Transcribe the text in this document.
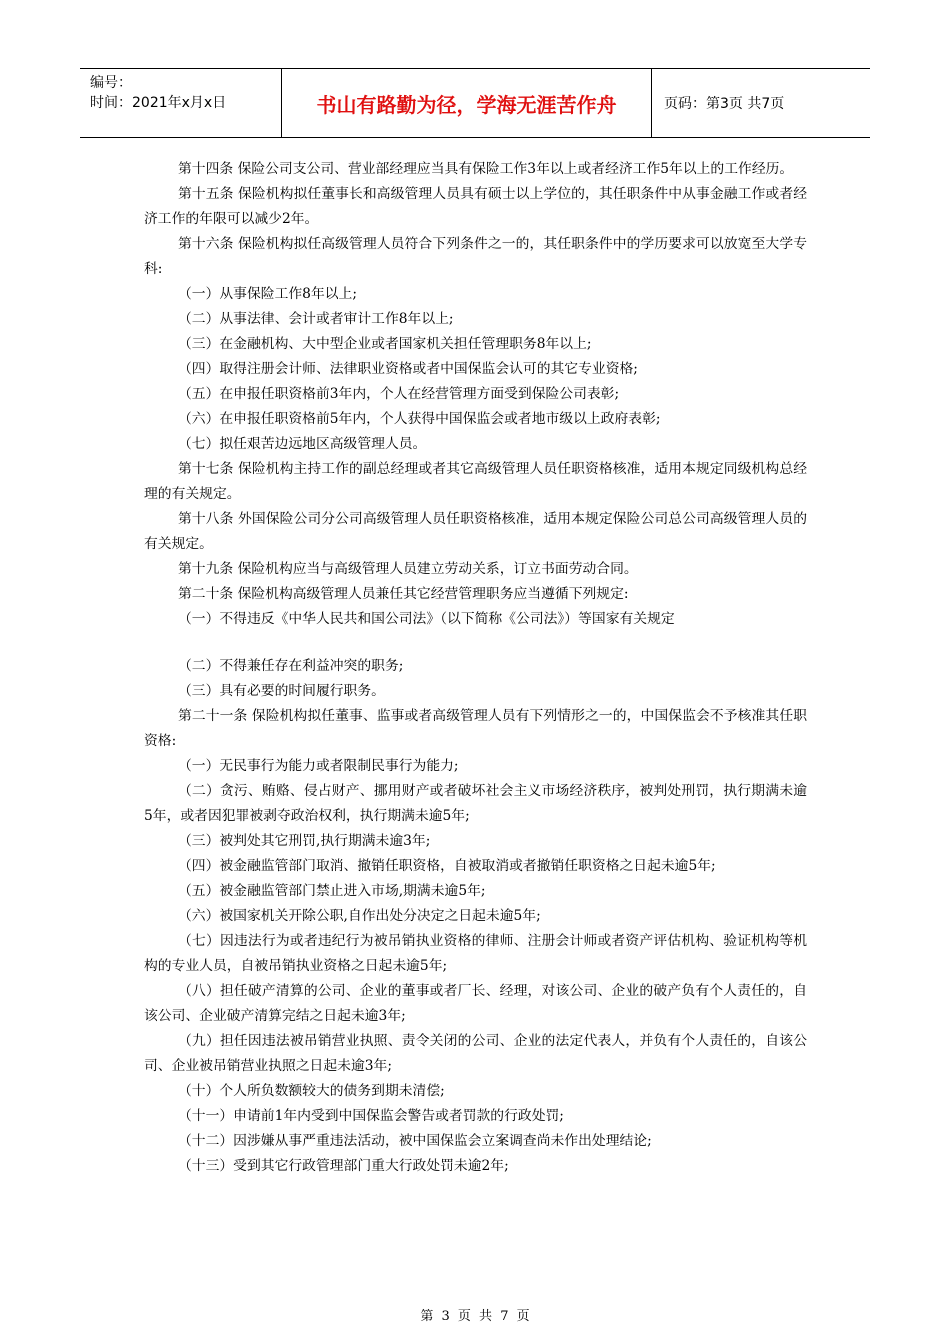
编号：
时间：2021年x月x日	书山有路勤为径，学海无涯苦作舟	页码：第3页 共7页

第十四条 保险公司支公司、营业部经理应当具有保险工作3年以上或者经济工作5年以上的工作经历。

第十五条 保险机构拟任董事长和高级管理人员具有硕士以上学位的，其任职条件中从事金融工作或者经济工作的年限可以减少2年。

第十六条 保险机构拟任高级管理人员符合下列条件之一的，其任职条件中的学历要求可以放宽至大学专科:

（一）从事保险工作8年以上;

（二）从事法律、会计或者审计工作8年以上;

（三）在金融机构、大中型企业或者国家机关担任管理职务8年以上;

（四）取得注册会计师、法律职业资格或者中国保监会认可的其它专业资格;

（五）在申报任职资格前3年内，个人在经营管理方面受到保险公司表彰;

（六）在申报任职资格前5年内，个人获得中国保监会或者地市级以上政府表彰;

（七）拟任艰苦边远地区高级管理人员。

第十七条 保险机构主持工作的副总经理或者其它高级管理人员任职资格核准，适用本规定同级机构总经理的有关规定。

第十八条 外国保险公司分公司高级管理人员任职资格核准，适用本规定保险公司总公司高级管理人员的有关规定。

第十九条 保险机构应当与高级管理人员建立劳动关系，订立书面劳动合同。

第二十条 保险机构高级管理人员兼任其它经营管理职务应当遵循下列规定:

（一）不得违反《中华人民共和国公司法》（以下简称《公司法》）等国家有关规定

（二）不得兼任存在利益冲突的职务;

（三）具有必要的时间履行职务。

第二十一条 保险机构拟任董事、监事或者高级管理人员有下列情形之一的，中国保监会不予核准其任职资格:

（一）无民事行为能力或者限制民事行为能力;

（二）贪污、贿赂、侵占财产、挪用财产或者破坏社会主义市场经济秩序，被判处刑罚，执行期满未逾5年，或者因犯罪被剥夺政治权利，执行期满未逾5年;

（三）被判处其它刑罚,执行期满未逾3年;

（四）被金融监管部门取消、撤销任职资格，自被取消或者撤销任职资格之日起未逾5年;

（五）被金融监管部门禁止进入市场,期满未逾5年;

（六）被国家机关开除公职,自作出处分决定之日起未逾5年;

（七）因违法行为或者违纪行为被吊销执业资格的律师、注册会计师或者资产评估机构、验证机构等机构的专业人员，自被吊销执业资格之日起未逾5年;

（八）担任破产清算的公司、企业的董事或者厂长、经理，对该公司、企业的破产负有个人责任的，自该公司、企业破产清算完结之日起未逾3年;

（九）担任因违法被吊销营业执照、责令关闭的公司、企业的法定代表人，并负有个人责任的，自该公司、企业被吊销营业执照之日起未逾3年;

（十）个人所负数额较大的债务到期未清偿;

（十一）申请前1年内受到中国保监会警告或者罚款的行政处罚;

（十二）因涉嫌从事严重违法活动，被中国保监会立案调查尚未作出处理结论;

（十三）受到其它行政管理部门重大行政处罚未逾2年;

第 3 页 共 7 页
